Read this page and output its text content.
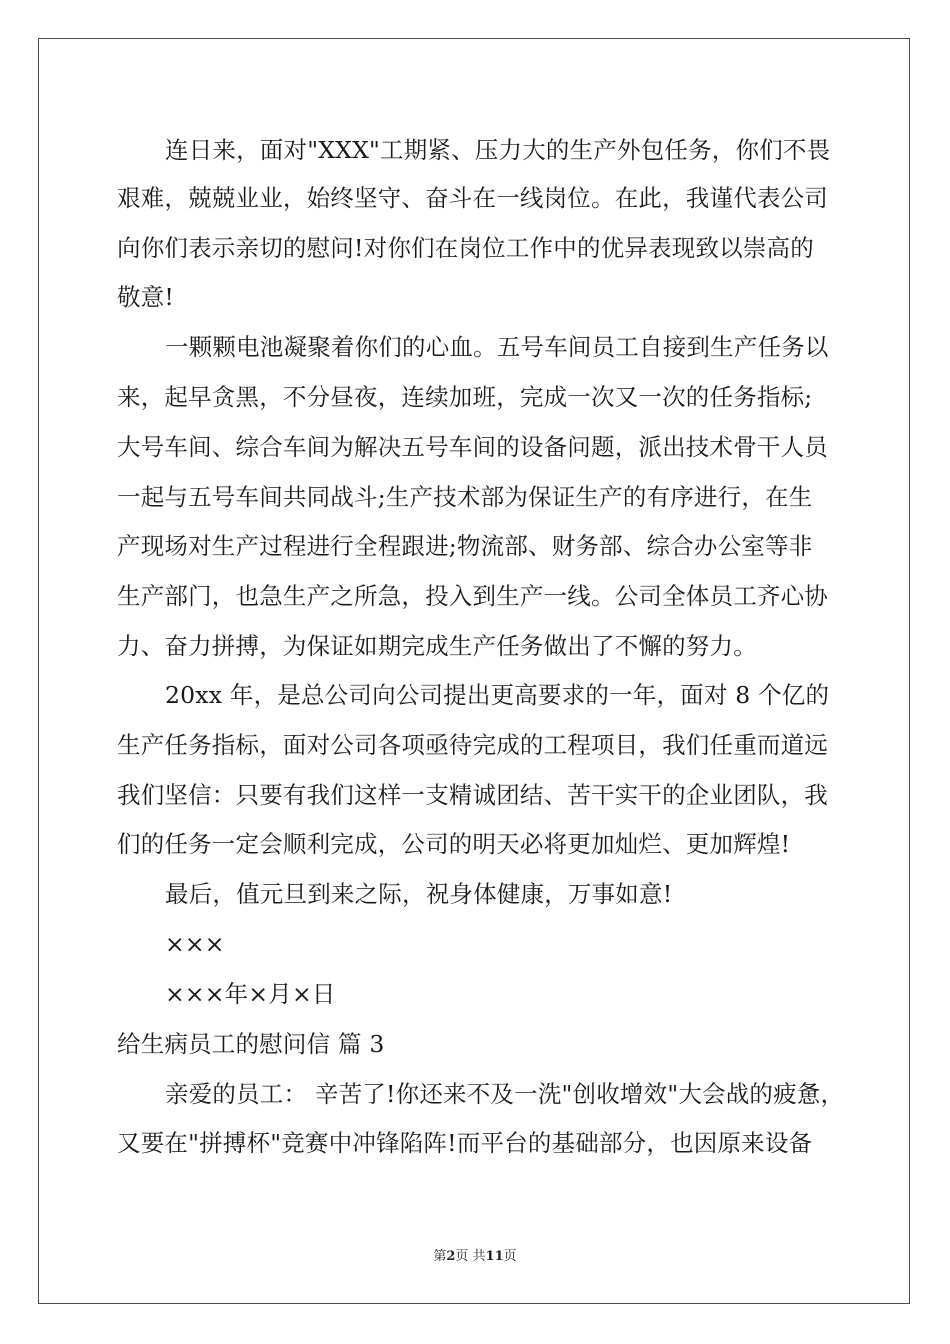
连日来，面对"XXX"工期紧、压力大的生产外包任务，你们不畏
艰难，兢兢业业，始终坚守、奋斗在一线岗位。在此，我谨代表公司
向你们表示亲切的慰问!对你们在岗位工作中的优异表现致以崇高的
敬意!
一颗颗电池凝聚着你们的心血。五号车间员工自接到生产任务以
来，起早贪黑，不分昼夜，连续加班，完成一次又一次的任务指标;
大号车间、综合车间为解决五号车间的设备问题，派出技术骨干人员
一起与五号车间共同战斗;生产技术部为保证生产的有序进行，在生
产现场对生产过程进行全程跟进;物流部、财务部、综合办公室等非
生产部门，也急生产之所急，投入到生产一线。公司全体员工齐心协
力、奋力拼搏，为保证如期完成生产任务做出了不懈的努力。
20xx 年，是总公司向公司提出更高要求的一年，面对 8 个亿的
生产任务指标，面对公司各项亟待完成的工程项目，我们任重而道远
我们坚信：只要有我们这样一支精诚团结、苦干实干的企业团队，我
们的任务一定会顺利完成，公司的明天必将更加灿烂、更加辉煌!
最后，值元旦到来之际，祝身体健康，万事如意!
×××
×××年×月×日
给生病员工的慰问信 篇 3
亲爱的员工： 辛苦了!你还来不及一洗"创收增效"大会战的疲惫，
又要在"拼搏杯"竞赛中冲锋陷阵!而平台的基础部分，也因原来设备
第2页 共11页
